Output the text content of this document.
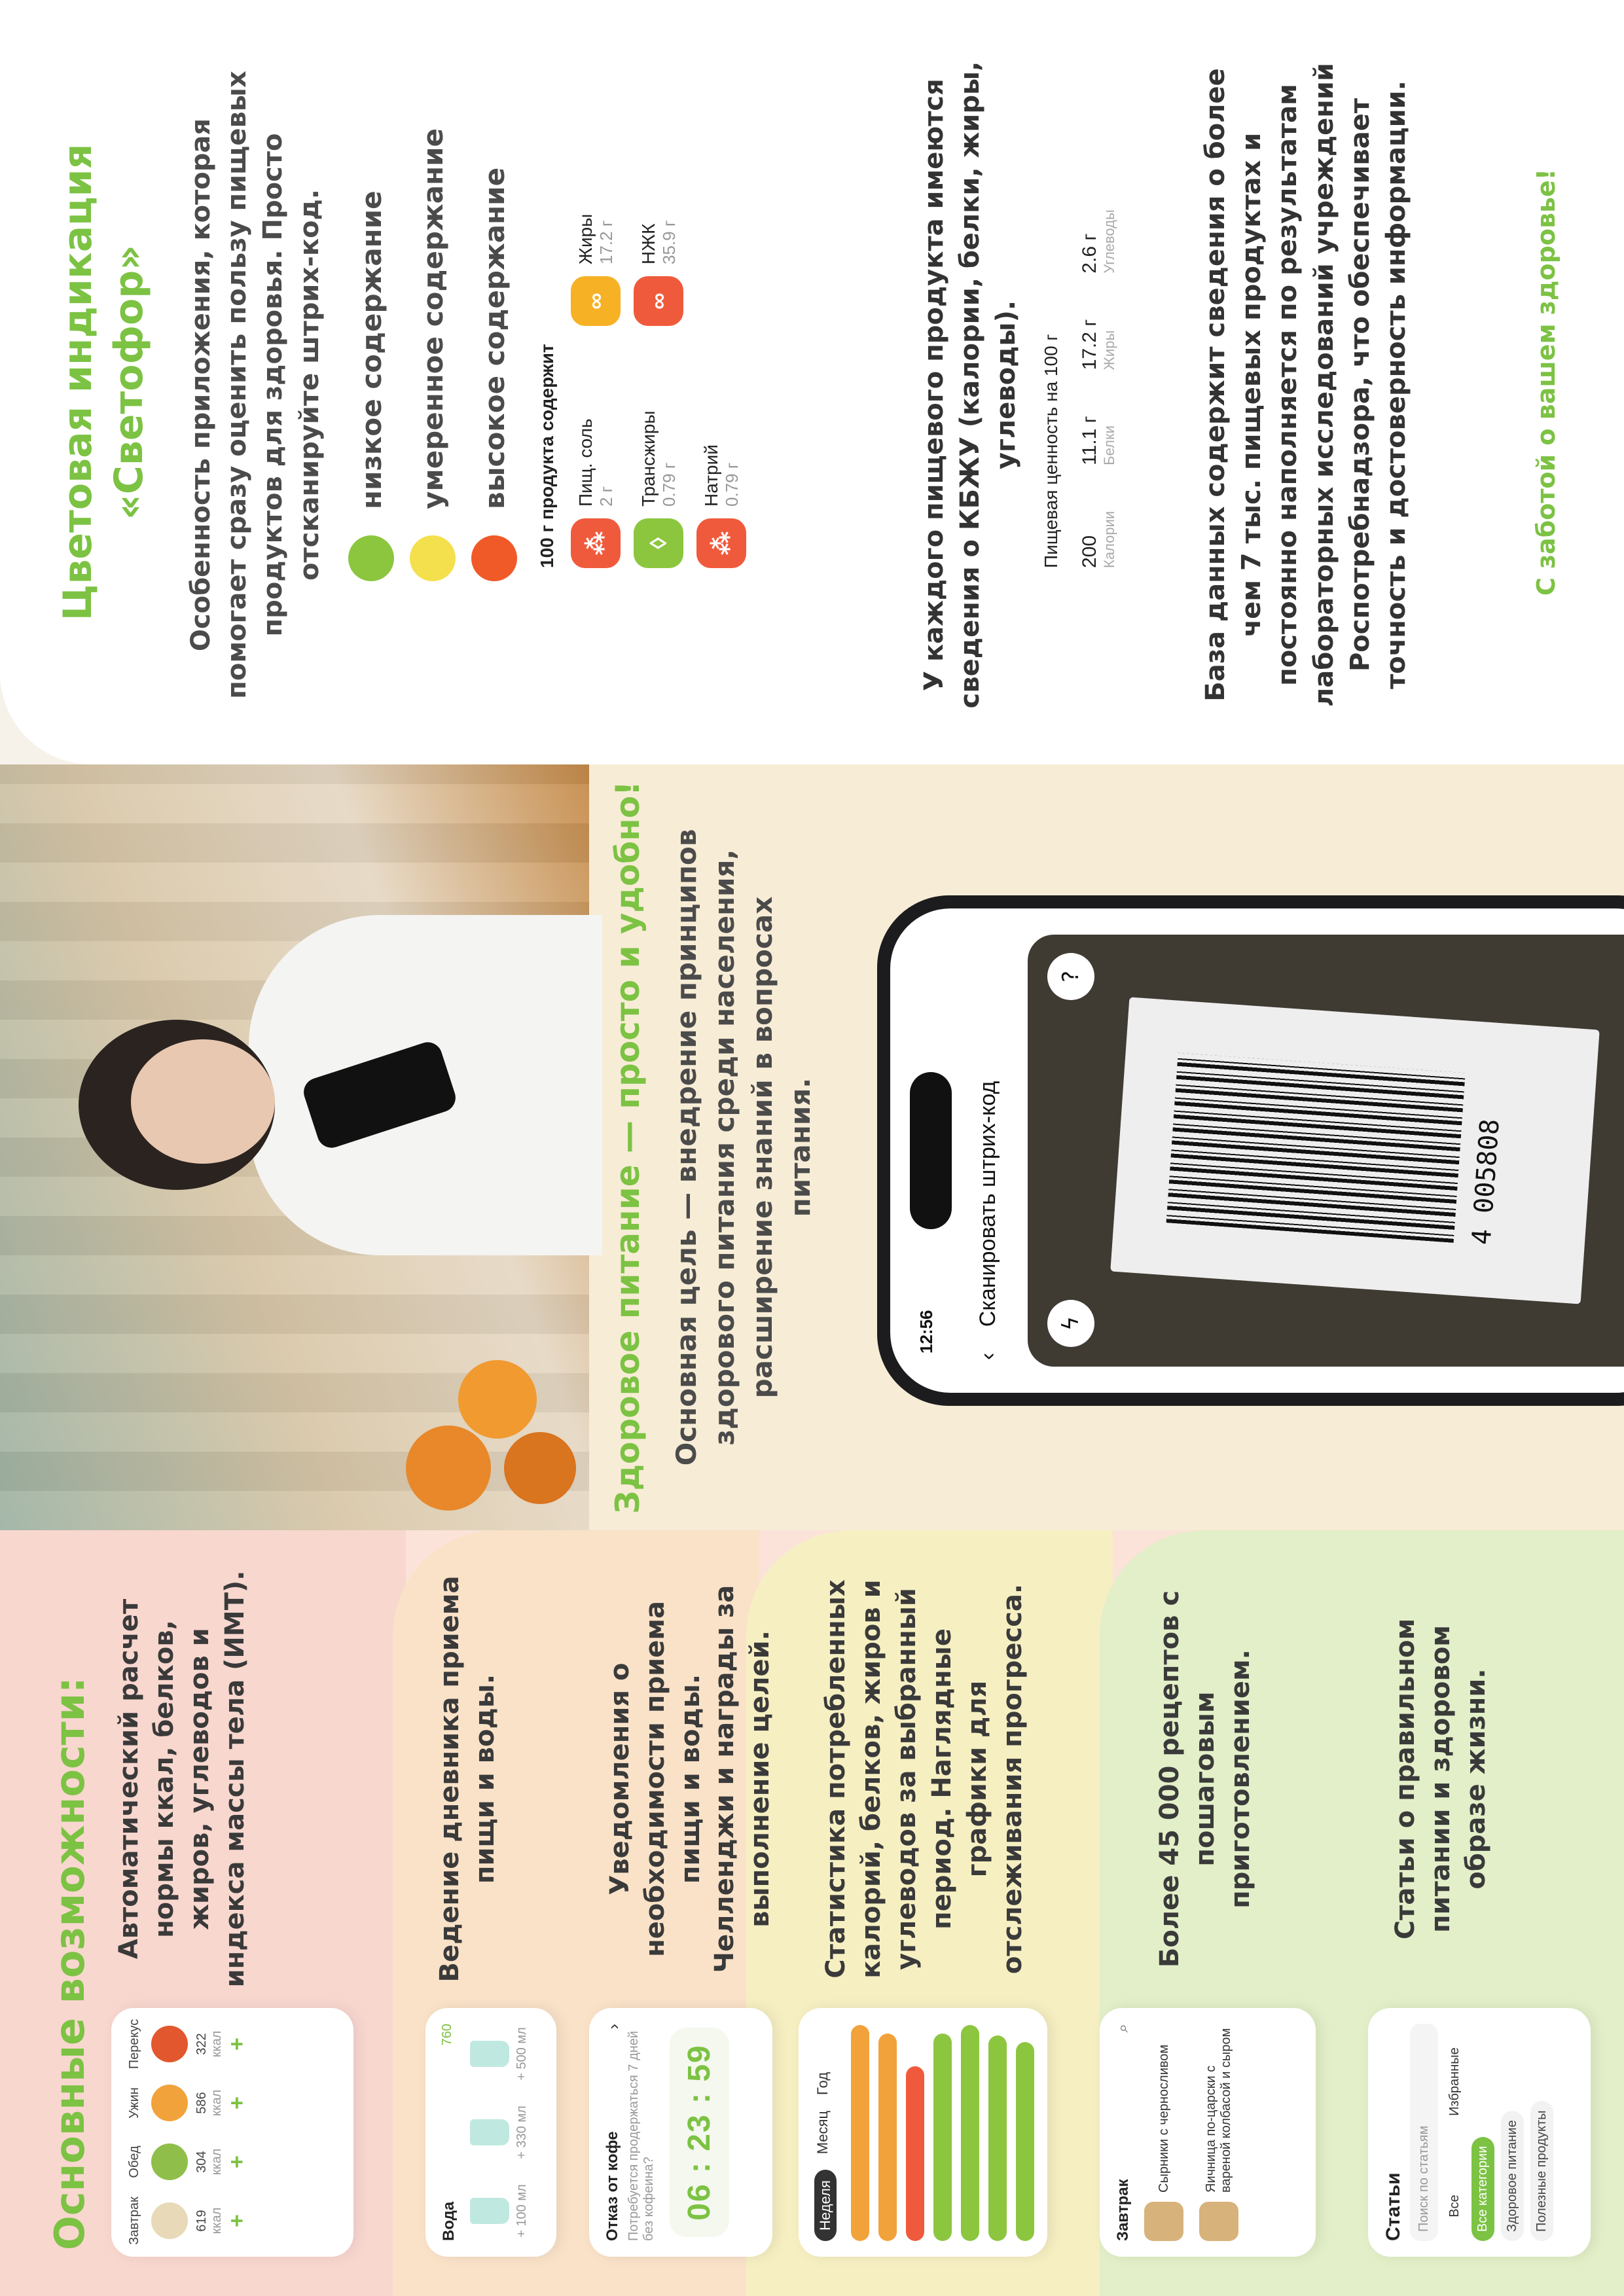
Основные возможности:	Завтрак	619 ккал +
Обед	304 ккал +
Ужин	586 ккал +
Перекус	322 ккал +

Автоматический расчет нормы ккал, белков, жиров, углеводов и индекса массы тела (ИМТ).

Вода
760
+ 100 мл
+ 330 мл
+ 500 мл

Ведение дневника приема пищи и воды.

Отказ от кофе
›
Потребуется продержаться 7 дней без кофеина? 06 : 23 : 59

Уведомления о необходимости приема пищи и воды. Челленджи и награды за выполнение целей.

Неделя
Месяц
Год

Статистика потребленных калорий, белков, жиров и углеводов за выбранный период. Наглядные графики для отслеживания прогресса.

Завтрак
⌕
Сырники с черносливом	Яичница по-царски с вареной колбасой и сыром

Более 45 000 рецептов с пошаговым приготовлением.

Статьи Поиск по статьям	Все
Избранные
Все категории	Здоровое питание	Полезные продукты

Статьи о правильном питании и здоровом образе жизни.

Здоровое питание — просто и удобно! Основная цель — внедрение принципов здорового питания среди населения, расширение знаний в вопросах питания.

12:56
‹ Сканировать штрих-код	4 005808
ϟ
?
Цветовая индикация «Светофор» Особенность приложения, которая помогает сразу оценить пользу пищевых продуктов для здоровья. Просто отсканируйте штрих-код. низкое содержание умеренное содержание высокое содержание 100 г продукта содержит	⁂
Пищ. соль 2 г
∞
Жиры 17.2 г
◊
Трансжиры 0.79 г
∞
НЖК 35.9 г
⁂
Натрий 0.79 г	У каждого пищевого продукта имеются сведения о КБЖУ (калории, белки, жиры, углеводы). Пищевая ценность на 100 г 200 Калории
11.1 г Белки
17.2 г Жиры
2.6 г Углеводы	База данных содержит сведения о более чем 7 тыс. пищевых продуктах и постоянно наполняется по результатам лабораторных исследований учреждений Роспотребнадзора, что обеспечивает точность и достоверность информации.	С заботой о вашем здоровье!
